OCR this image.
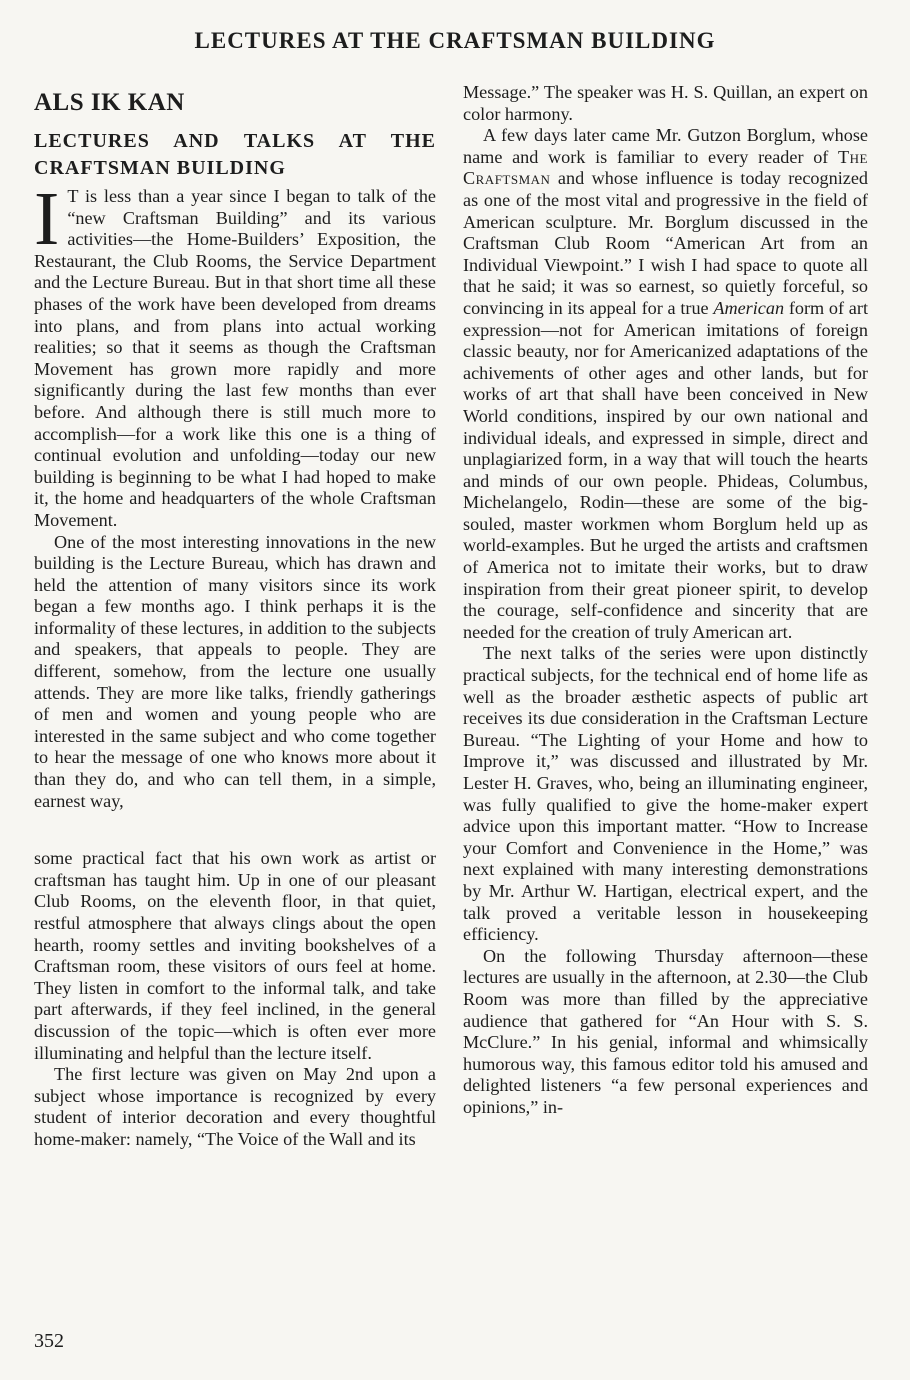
LECTURES AT THE CRAFTSMAN BUILDING
ALS IK KAN
LECTURES AND TALKS AT THE CRAFTSMAN BUILDING

I T is less than a year since I began to talk of the “new Craftsman Building” and its various activities—the Home-Builders’ Exposition, the Restaurant, the Club Rooms, the Service Department and the Lecture Bureau. But in that short time all these phases of the work have been developed from dreams into plans, and from plans into actual working realities; so that it seems as though the Craftsman Movement has grown more rapidly and more significantly during the last few months than ever before. And although there is still much more to accomplish—for a work like this one is a thing of continual evolution and unfolding—today our new building is beginning to be what I had hoped to make it, the home and headquarters of the whole Craftsman Movement.

One of the most interesting innovations in the new building is the Lecture Bureau, which has drawn and held the attention of many visitors since its work began a few months ago. I think perhaps it is the informality of these lectures, in addition to the subjects and speakers, that appeals to people. They are different, somehow, from the lecture one usually attends. They are more like talks, friendly gatherings of men and women and young people who are interested in the same subject and who come together to hear the message of one who knows more about it than they do, and who can tell them, in a simple, earnest way,

some practical fact that his own work as artist or craftsman has taught him. Up in one of our pleasant Club Rooms, on the eleventh floor, in that quiet, restful atmosphere that always clings about the open hearth, roomy settles and inviting bookshelves of a Craftsman room, these visitors of ours feel at home. They listen in comfort to the informal talk, and take part afterwards, if they feel inclined, in the general discussion of the topic—which is often ever more illuminating and helpful than the lecture itself.

The first lecture was given on May 2nd upon a subject whose importance is recognized by every student of interior decoration and every thoughtful home-maker: namely, “The Voice of the Wall and its

Message.” The speaker was H. S. Quillan, an expert on color harmony.

A few days later came Mr. Gutzon Borglum, whose name and work is familiar to every reader of The Craftsman and whose influence is today recognized as one of the most vital and progressive in the field of American sculpture. Mr. Borglum discussed in the Craftsman Club Room “American Art from an Individual Viewpoint.” I wish I had space to quote all that he said; it was so earnest, so quietly forceful, so convincing in its appeal for a true American form of art expression—not for American imitations of foreign classic beauty, nor for Americanized adaptations of the achivements of other ages and other lands, but for works of art that shall have been conceived in New World conditions, inspired by our own national and individual ideals, and expressed in simple, direct and unplagiarized form, in a way that will touch the hearts and minds of our own people. Phideas, Columbus, Michelangelo, Rodin—these are some of the big-souled, master workmen whom Borglum held up as world-examples. But he urged the artists and craftsmen of America not to imitate their works, but to draw inspiration from their great pioneer spirit, to develop the courage, self-confidence and sincerity that are needed for the creation of truly American art.

The next talks of the series were upon distinctly practical subjects, for the technical end of home life as well as the broader æsthetic aspects of public art receives its due consideration in the Craftsman Lecture Bureau. “The Lighting of your Home and how to Improve it,” was discussed and illustrated by Mr. Lester H. Graves, who, being an illuminating engineer, was fully qualified to give the home-maker expert advice upon this important matter. “How to Increase your Comfort and Convenience in the Home,” was next explained with many interesting demonstrations by Mr. Arthur W. Hartigan, electrical expert, and the talk proved a veritable lesson in housekeeping efficiency.

On the following Thursday afternoon—these lectures are usually in the afternoon, at 2.30—the Club Room was more than filled by the appreciative audience that gathered for “An Hour with S. S. McClure.” In his genial, informal and whimsically humorous way, this famous editor told his amused and delighted listeners “a few personal experiences and opinions,” in-

352
